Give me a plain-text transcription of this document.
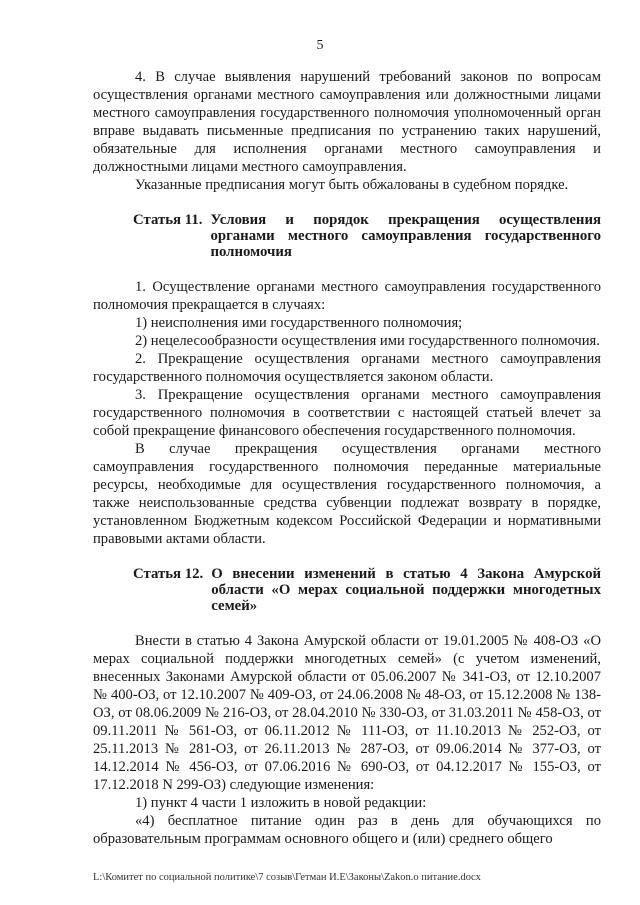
5

4. В случае выявления нарушений требований законов по вопросам осуществления органами местного самоуправления или должностными лицами местного самоуправления государственного полномочия уполномоченный орган вправе выдавать письменные предписания по устранению таких нарушений, обязательные для исполнения органами местного самоуправления и должностными лицами местного самоуправления.

Указанные предписания могут быть обжалованы в судебном порядке.

Статья 11. Условия и порядок прекращения осуществления органами местного самоуправления государственного полномочия

1. Осуществление органами местного самоуправления государственного полномочия прекращается в случаях:

1) неисполнения ими государственного полномочия;

2) нецелесообразности осуществления ими государственного полномочия.

2. Прекращение осуществления органами местного самоуправления государственного полномочия осуществляется законом области.

3. Прекращение осуществления органами местного самоуправления государственного полномочия в соответствии с настоящей статьей влечет за собой прекращение финансового обеспечения государственного полномочия.

В случае прекращения осуществления органами местного самоуправления государственного полномочия переданные материальные ресурсы, необходимые для осуществления государственного полномочия, а также неиспользованные средства субвенции подлежат возврату в порядке, установленном Бюджетным кодексом Российской Федерации и нормативными правовыми актами области.

Статья 12. О внесении изменений в статью 4 Закона Амурской области «О мерах социальной поддержки многодетных семей»

Внести в статью 4 Закона Амурской области от 19.01.2005 № 408-ОЗ «О мерах социальной поддержки многодетных семей» (с учетом изменений, внесенных Законами Амурской области от 05.06.2007 № 341-ОЗ, от 12.10.2007 № 400-ОЗ, от 12.10.2007 № 409-ОЗ, от 24.06.2008 № 48-ОЗ, от 15.12.2008 № 138-ОЗ, от 08.06.2009 № 216-ОЗ, от 28.04.2010 № 330-ОЗ, от 31.03.2011 № 458-ОЗ, от 09.11.2011 № 561-ОЗ, от 06.11.2012 № 111-ОЗ, от 11.10.2013 № 252-ОЗ, от 25.11.2013 № 281-ОЗ, от 26.11.2013 № 287-ОЗ, от 09.06.2014 № 377-ОЗ, от 14.12.2014 № 456-ОЗ, от 07.06.2016 № 690-ОЗ, от 04.12.2017 № 155-ОЗ, от 17.12.2018 N 299-ОЗ) следующие изменения:

1) пункт 4 части 1 изложить в новой редакции:

«4) бесплатное питание один раз в день для обучающихся по образовательным программам основного общего и (или) среднего общего

L:\Комитет по социальной политике\7 созыв\Гетман И.Е\Законы\Zakon.о питание.docx
